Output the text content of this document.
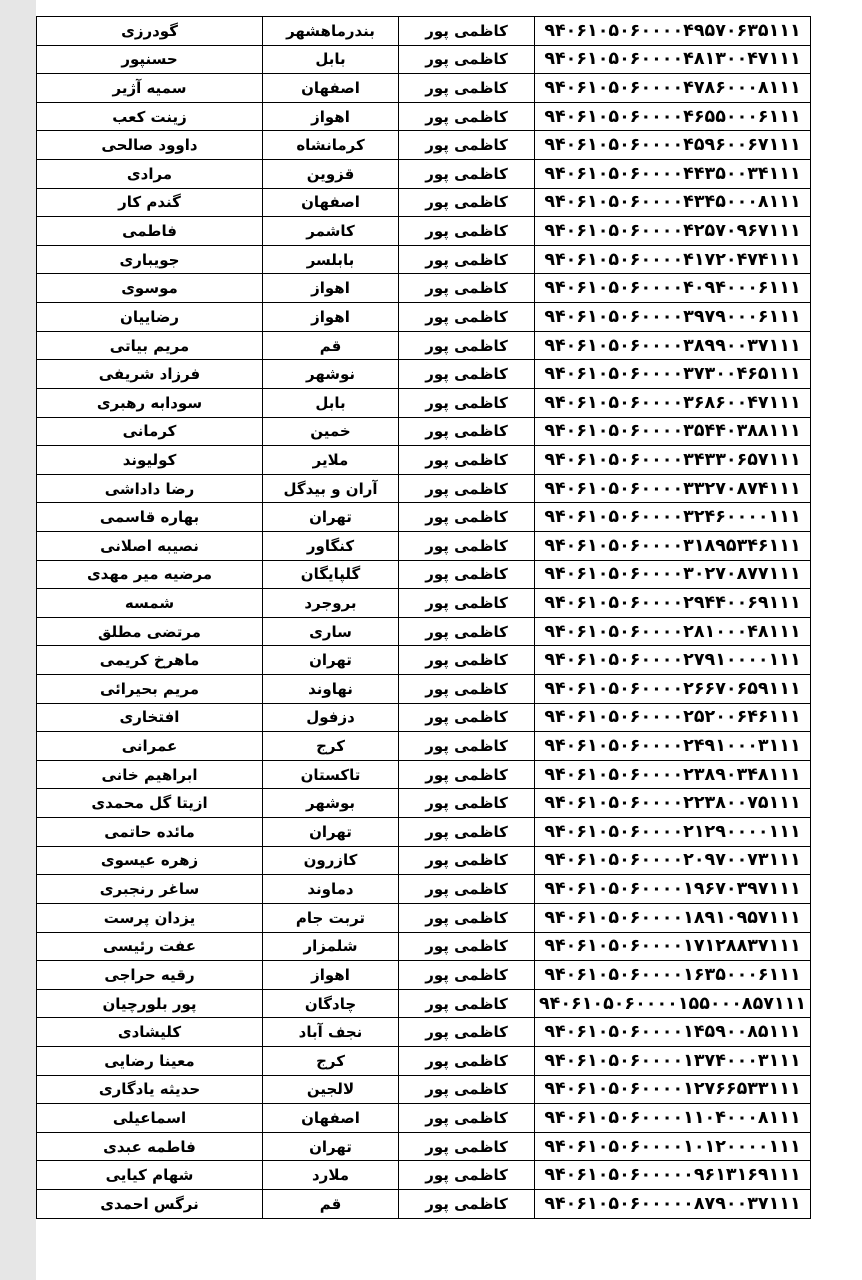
۹۴۰۶۱۰۵۰۶۰۰۰۰۴۹۵۷۰۶۳۵۱۱۱	کاظمی پور	بندرماهشهر	گودرزی
۹۴۰۶۱۰۵۰۶۰۰۰۰۴۸۱۳۰۰۴۷۱۱۱	کاظمی پور	بابل	حسنپور
۹۴۰۶۱۰۵۰۶۰۰۰۰۴۷۸۶۰۰۰۸۱۱۱	کاظمی پور	اصفهان	سمیه آژیر
۹۴۰۶۱۰۵۰۶۰۰۰۰۴۶۵۵۰۰۰۶۱۱۱	کاظمی پور	اهواز	زینت کعب
۹۴۰۶۱۰۵۰۶۰۰۰۰۴۵۹۶۰۰۶۷۱۱۱	کاظمی پور	کرمانشاه	داوود صالحی
۹۴۰۶۱۰۵۰۶۰۰۰۰۴۴۳۵۰۰۳۴۱۱۱	کاظمی پور	قزوین	مرادی
۹۴۰۶۱۰۵۰۶۰۰۰۰۴۳۴۵۰۰۰۸۱۱۱	کاظمی پور	اصفهان	گندم کار
۹۴۰۶۱۰۵۰۶۰۰۰۰۴۲۵۷۰۹۶۷۱۱۱	کاظمی پور	کاشمر	فاطمی
۹۴۰۶۱۰۵۰۶۰۰۰۰۴۱۷۲۰۴۷۴۱۱۱	کاظمی پور	بابلسر	جویباری
۹۴۰۶۱۰۵۰۶۰۰۰۰۴۰۹۴۰۰۰۶۱۱۱	کاظمی پور	اهواز	موسوی
۹۴۰۶۱۰۵۰۶۰۰۰۰۳۹۷۹۰۰۰۶۱۱۱	کاظمی پور	اهواز	رضاییان
۹۴۰۶۱۰۵۰۶۰۰۰۰۳۸۹۹۰۰۳۷۱۱۱	کاظمی پور	قم	مریم بیاتی
۹۴۰۶۱۰۵۰۶۰۰۰۰۳۷۳۰۰۴۶۵۱۱۱	کاظمی پور	نوشهر	فرزاد شریفی
۹۴۰۶۱۰۵۰۶۰۰۰۰۳۶۸۶۰۰۴۷۱۱۱	کاظمی پور	بابل	سودابه رهبری
۹۴۰۶۱۰۵۰۶۰۰۰۰۳۵۴۴۰۳۸۸۱۱۱	کاظمی پور	خمین	کرمانی
۹۴۰۶۱۰۵۰۶۰۰۰۰۳۴۳۳۰۶۵۷۱۱۱	کاظمی پور	ملایر	کولیوند
۹۴۰۶۱۰۵۰۶۰۰۰۰۳۳۲۷۰۸۷۴۱۱۱	کاظمی پور	آران و بیدگل	رضا داداشی
۹۴۰۶۱۰۵۰۶۰۰۰۰۳۲۴۶۰۰۰۰۱۱۱	کاظمی پور	تهران	بهاره قاسمی
۹۴۰۶۱۰۵۰۶۰۰۰۰۳۱۸۹۵۳۴۶۱۱۱	کاظمی پور	کنگاور	نصیبه اصلانی
۹۴۰۶۱۰۵۰۶۰۰۰۰۳۰۲۷۰۸۷۷۱۱۱	کاظمی پور	گلپایگان	مرضیه میر مهدی
۹۴۰۶۱۰۵۰۶۰۰۰۰۲۹۴۴۰۰۶۹۱۱۱	کاظمی پور	بروجرد	شمسه
۹۴۰۶۱۰۵۰۶۰۰۰۰۲۸۱۰۰۰۴۸۱۱۱	کاظمی پور	ساری	مرتضی مطلق
۹۴۰۶۱۰۵۰۶۰۰۰۰۲۷۹۱۰۰۰۰۱۱۱	کاظمی پور	تهران	ماهرخ کریمی
۹۴۰۶۱۰۵۰۶۰۰۰۰۲۶۶۷۰۶۵۹۱۱۱	کاظمی پور	نهاوند	مریم بحیرائی
۹۴۰۶۱۰۵۰۶۰۰۰۰۲۵۲۰۰۶۴۶۱۱۱	کاظمی پور	دزفول	افتخاری
۹۴۰۶۱۰۵۰۶۰۰۰۰۲۴۹۱۰۰۰۳۱۱۱	کاظمی پور	کرج	عمرانی
۹۴۰۶۱۰۵۰۶۰۰۰۰۲۳۸۹۰۳۴۸۱۱۱	کاظمی پور	تاکستان	ابراهیم خانی
۹۴۰۶۱۰۵۰۶۰۰۰۰۲۲۳۸۰۰۷۵۱۱۱	کاظمی پور	بوشهر	ازیتا گل محمدی
۹۴۰۶۱۰۵۰۶۰۰۰۰۲۱۲۹۰۰۰۰۱۱۱	کاظمی پور	تهران	مائده حاتمی
۹۴۰۶۱۰۵۰۶۰۰۰۰۲۰۹۷۰۰۷۳۱۱۱	کاظمی پور	کازرون	زهره عیسوی
۹۴۰۶۱۰۵۰۶۰۰۰۰۱۹۶۷۰۳۹۷۱۱۱	کاظمی پور	دماوند	ساغر رنجبری
۹۴۰۶۱۰۵۰۶۰۰۰۰۱۸۹۱۰۹۵۷۱۱۱	کاظمی پور	تربت جام	یزدان پرست
۹۴۰۶۱۰۵۰۶۰۰۰۰۱۷۱۲۸۸۳۷۱۱۱	کاظمی پور	شلمزار	عفت رئیسی
۹۴۰۶۱۰۵۰۶۰۰۰۰۱۶۳۵۰۰۰۶۱۱۱	کاظمی پور	اهواز	رقیه حراجی
۹۴۰۶۱۰۵۰۶۰۰۰۰۱۵۵۰۰۰۸۵۷۱۱۱	کاظمی پور	چادگان	پور بلورچیان
۹۴۰۶۱۰۵۰۶۰۰۰۰۱۴۵۹۰۰۸۵۱۱۱	کاظمی پور	نجف آباد	کلیشادی
۹۴۰۶۱۰۵۰۶۰۰۰۰۱۳۷۴۰۰۰۳۱۱۱	کاظمی پور	کرج	معینا رضایی
۹۴۰۶۱۰۵۰۶۰۰۰۰۱۲۷۶۶۵۳۳۱۱۱	کاظمی پور	لالجین	حدیثه یادگاری
۹۴۰۶۱۰۵۰۶۰۰۰۰۱۱۰۴۰۰۰۸۱۱۱	کاظمی پور	اصفهان	اسماعیلی
۹۴۰۶۱۰۵۰۶۰۰۰۰۱۰۱۲۰۰۰۰۱۱۱	کاظمی پور	تهران	فاطمه عبدی
۹۴۰۶۱۰۵۰۶۰۰۰۰۰۹۶۱۳۱۶۹۱۱۱	کاظمی پور	ملارد	شهام کیایی
۹۴۰۶۱۰۵۰۶۰۰۰۰۰۸۷۹۰۰۳۷۱۱۱	کاظمی پور	قم	نرگس احمدی
